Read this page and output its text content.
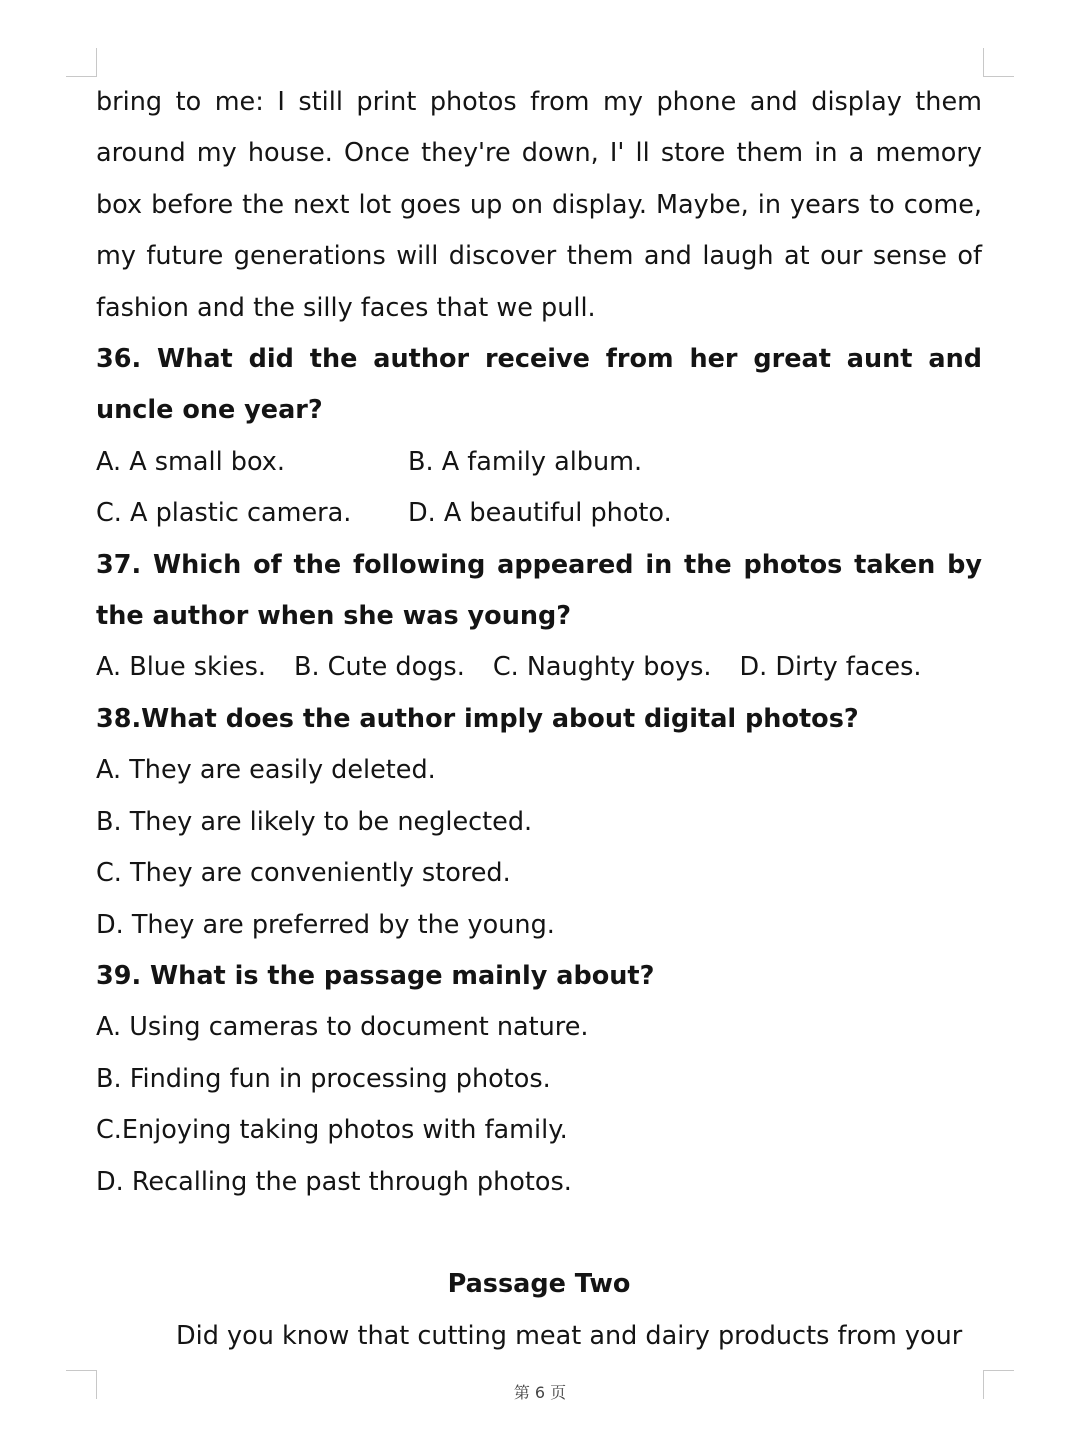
bring to me: I still print photos from my phone and display them around my house. Once they're down, I' ll store them in a memory box before the next lot goes up on display. Maybe, in years to come, my future generations will discover them and laugh at our sense of fashion and the silly faces that we pull.

36. What did the author receive from her great aunt and uncle one year?

A. A small box.	B. A family album.
C. A plastic camera.	D. A beautiful photo.

37. Which of the following appeared in the photos taken by the author when she was young?

A. Blue skies. B. Cute dogs. C. Naughty boys. D. Dirty faces.

38.What does the author imply about digital photos?

A. They are easily deleted.

B. They are likely to be neglected.

C. They are conveniently stored.

D. They are preferred by the young.

39. What is the passage mainly about?

A. Using cameras to document nature.

B. Finding fun in processing photos.

C.Enjoying taking photos with family.

D. Recalling the past through photos.

Passage Two

Did you know that cutting meat and dairy products from your

第 6 页
